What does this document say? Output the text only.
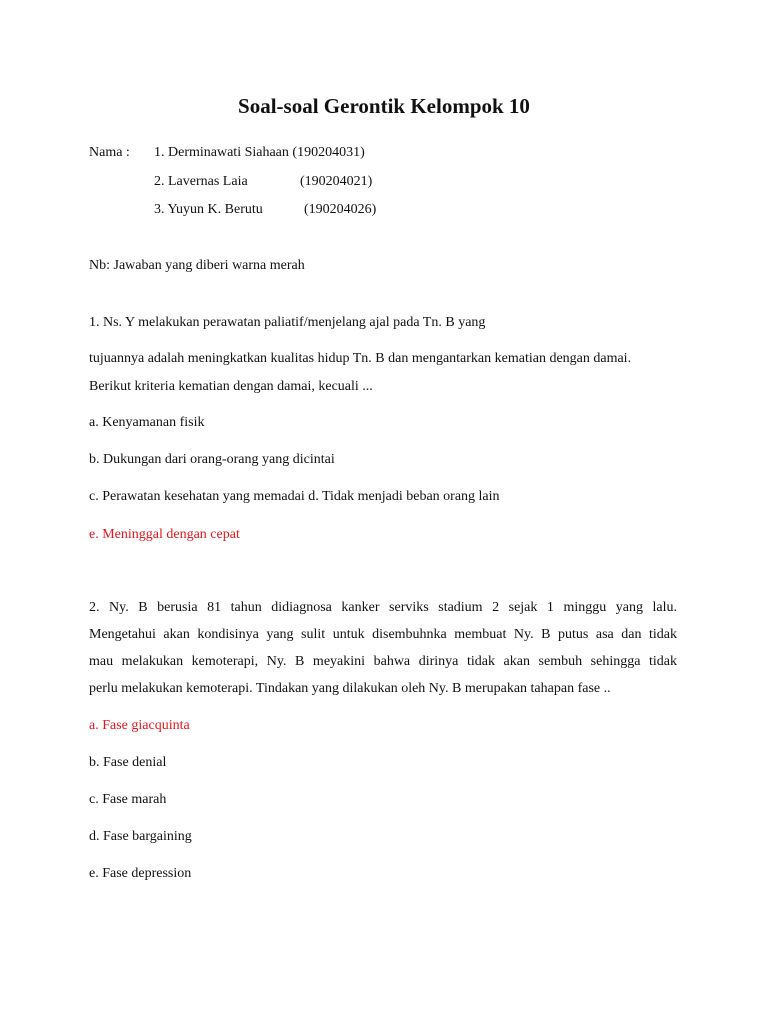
Soal-soal Gerontik Kelompok 10
Nama : 1. Derminawati Siahaan (190204031)
2. Lavernas Laia	(190204021)
3. Yuyun K. Berutu	(190204026)
Nb: Jawaban yang diberi warna merah
1. Ns. Y melakukan perawatan paliatif/menjelang ajal pada Tn. B yang
tujuannya adalah meningkatkan kualitas hidup Tn. B dan mengantarkan kematian dengan damai.
Berikut kriteria kematian dengan damai, kecuali ...
a. Kenyamanan fisik
b. Dukungan dari orang-orang yang dicintai
c. Perawatan kesehatan yang memadai d. Tidak menjadi beban orang lain
e. Meninggal dengan cepat
2. Ny. B berusia 81 tahun didiagnosa kanker serviks stadium 2 sejak 1 minggu yang lalu.
Mengetahui akan kondisinya yang sulit untuk disembuhnka membuat Ny. B putus asa dan tidak
mau melakukan kemoterapi, Ny. B meyakini bahwa dirinya tidak akan sembuh sehingga tidak
perlu melakukan kemoterapi. Tindakan yang dilakukan oleh Ny. B merupakan tahapan fase ..
a. Fase giacquinta
b. Fase denial
c. Fase marah
d. Fase bargaining
e. Fase depression
